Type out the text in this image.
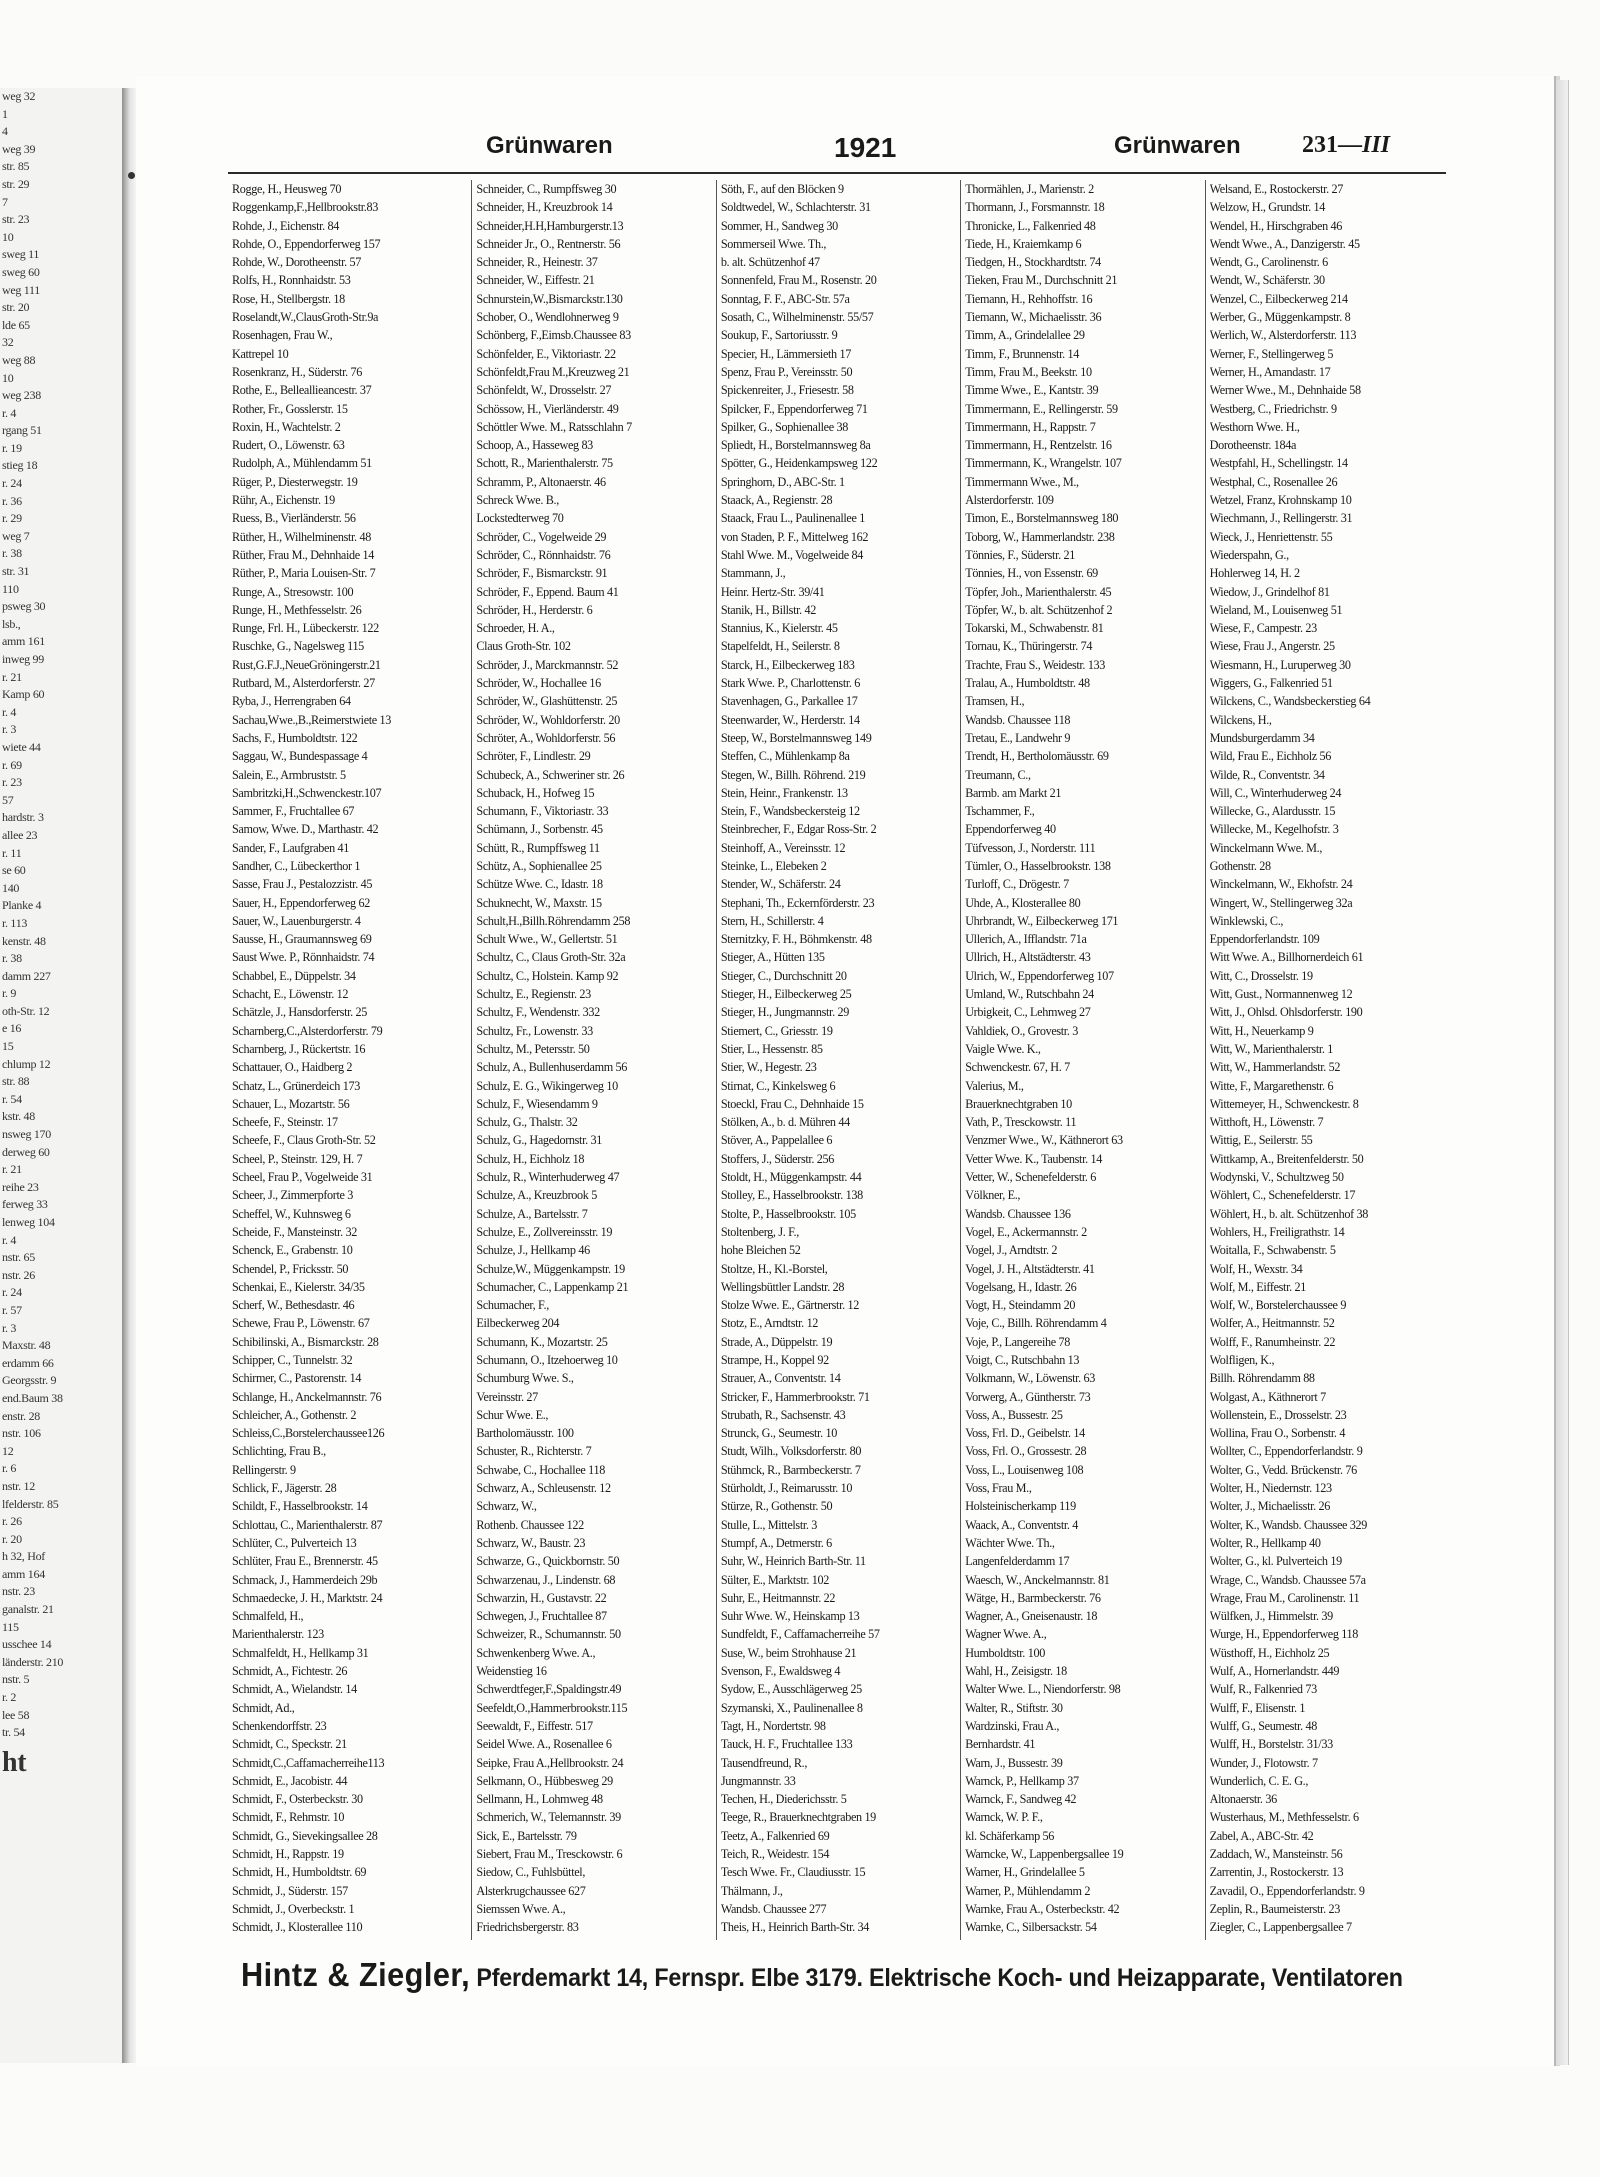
weg 32
1
4
weg 39
str. 85
str. 29
7
str. 23
10
sweg 11
sweg 60
weg 111
str. 20
lde 65
32
weg 88
10
weg 238
r. 4
rgang 51
r. 19
stieg 18
r. 24
r. 36
r. 29
weg 7
r. 38
str. 31
110
psweg 30
lsb.,
amm 161
inweg 99
r. 21
Kamp 60
r. 4
r. 3
wiete 44
r. 69
r. 23
57
hardstr. 3
allee 23
r. 11
se 60
140
Planke 4
r. 113
kenstr. 48
r. 38
damm 227
r. 9
oth-Str. 12
e 16
15
chlump 12
str. 88
r. 54
kstr. 48
nsweg 170
derweg 60
r. 21
reihe 23
ferweg 33
lenweg 104
r. 4
nstr. 65
nstr. 26
r. 24
r. 57
r. 3
Maxstr. 48
erdamm 66
Georgsstr. 9
end.Baum 38
enstr. 28
nstr. 106
12
r. 6
nstr. 12
lfelderstr. 85
r. 26
r. 20
h 32, Hof
amm 164
nstr. 23
ganalstr. 21
115
usschee 14
länderstr. 210
nstr. 5
r. 2
lee 58
tr. 54
ht
Grünwaren	1921	Grünwaren	231—III
Rogge, H., Heusweg 70
Roggenkamp,F.,Hellbrookstr.83
Rohde, J., Eichenstr. 84
Rohde, O., Eppendorferweg 157
Rohde, W., Dorotheenstr. 57
Rolfs, H., Ronnhaidstr. 53
Rose, H., Stellbergstr. 18
Roselandt,W.,ClausGroth-Str.9a
Rosenhagen, Frau W.,
Kattrepel 10
Rosenkranz, H., Süderstr. 76
Rothe, E., Belleallieancestr. 37
Rother, Fr., Gosslerstr. 15
Roxin, H., Wachtelstr. 2
Rudert, O., Löwenstr. 63
Rudolph, A., Mühlendamm 51
Rüger, P., Diesterwegstr. 19
Rühr, A., Eichenstr. 19
Ruess, B., Vierländerstr. 56
Rüther, H., Wilhelminenstr. 48
Rüther, Frau M., Dehnhaide 14
Rüther, P., Maria Louisen-Str. 7
Runge, A., Stresowstr. 100
Runge, H., Methfesselstr. 26
Runge, Frl. H., Lübeckerstr. 122
Ruschke, G., Nagelsweg 115
Rust,G.F.J.,NeueGröningerstr.21
Rutbard, M., Alsterdorferstr. 27
Ryba, J., Herrengraben 64
Sachau,Wwe.,B.,Reimerstwiete 13
Sachs, F., Humboldtstr. 122
Saggau, W., Bundespassage 4
Salein, E., Armbruststr. 5
Sambritzki,H.,Schwenckestr.107
Sammer, F., Fruchtallee 67
Samow, Wwe. D., Marthastr. 42
Sander, F., Laufgraben 41
Sandher, C., Lübeckerthor 1
Sasse, Frau J., Pestalozzistr. 45
Sauer, H., Eppendorferweg 62
Sauer, W., Lauenburgerstr. 4
Sausse, H., Graumannsweg 69
Saust Wwe. P., Rönnhaidstr. 74
Schabbel, E., Düppelstr. 34
Schacht, E., Löwenstr. 12
Schätzle, J., Hansdorferstr. 25
Scharnberg,C.,Alsterdorferstr. 79
Scharnberg, J., Rückertstr. 16
Schattauer, O., Haidberg 2
Schatz, L., Grünerdeich 173
Schauer, L., Mozartstr. 56
Scheefe, F., Steinstr. 17
Scheefe, F., Claus Groth-Str. 52
Scheel, P., Steinstr. 129, H. 7
Scheel, Frau P., Vogelweide 31
Scheer, J., Zimmerpforte 3
Scheffel, W., Kuhnsweg 6
Scheide, F., Mansteinstr. 32
Schenck, E., Grabenstr. 10
Schendel, P., Fricksstr. 50
Schenkai, E., Kielerstr. 34/35
Scherf, W., Bethesdastr. 46
Schewe, Frau P., Löwenstr. 67
Schibilinski, A., Bismarckstr. 28
Schipper, C., Tunnelstr. 32
Schirmer, C., Pastorenstr. 14
Schlange, H., Anckelmannstr. 76
Schleicher, A., Gothenstr. 2
Schleiss,C.,Borstelerchaussee126
Schlichting, Frau B.,
Rellingerstr. 9
Schlick, F., Jägerstr. 28
Schildt, F., Hasselbrookstr. 14
Schlottau, C., Marienthalerstr. 87
Schlüter, C., Pulverteich 13
Schlüter, Frau E., Brennerstr. 45
Schmack, J., Hammerdeich 29b
Schmaedecke, J. H., Marktstr. 24
Schmalfeld, H.,
Marienthalerstr. 123
Schmalfeldt, H., Hellkamp 31
Schmidt, A., Fichtestr. 26
Schmidt, A., Wielandstr. 14
Schmidt, Ad.,
Schenkendorffstr. 23
Schmidt, C., Speckstr. 21
Schmidt,C.,Caffamacherreihe113
Schmidt, E., Jacobistr. 44
Schmidt, F., Osterbeckstr. 30
Schmidt, F., Rehmstr. 10
Schmidt, G., Sievekingsallee 28
Schmidt, H., Rappstr. 19
Schmidt, H., Humboldtstr. 69
Schmidt, J., Süderstr. 157
Schmidt, J., Overbeckstr. 1
Schmidt, J., Klosterallee 110
Schneider, C., Rumpffsweg 30
Schneider, H., Kreuzbrook 14
Schneider,H.H,Hamburgerstr.13
Schneider Jr., O., Rentnerstr. 56
Schneider, R., Heinestr. 37
Schneider, W., Eiffestr. 21
Schnurstein,W.,Bismarckstr.130
Schober, O., Wendlohnerweg 9
Schönberg, F.,Eimsb.Chaussee 83
Schönfelder, E., Viktoriastr. 22
Schönfeldt,Frau M.,Kreuzweg 21
Schönfeldt, W., Drosselstr. 27
Schössow, H., Vierländerstr. 49
Schöttler Wwe. M., Ratsschlahn 7
Schoop, A., Hasseweg 83
Schott, R., Marienthalerstr. 75
Schramm, P., Altonaerstr. 46
Schreck Wwe. B.,
Lockstedterweg 70
Schröder, C., Vogelweide 29
Schröder, C., Rönnhaidstr. 76
Schröder, F., Bismarckstr. 91
Schröder, F., Eppend. Baum 41
Schröder, H., Herderstr. 6
Schroeder, H. A.,
Claus Groth-Str. 102
Schröder, J., Marckmannstr. 52
Schröder, W., Hochallee 16
Schröder, W., Glashüttenstr. 25
Schröder, W., Wohldorferstr. 20
Schröter, A., Wohldorferstr. 56
Schröter, F., Lindlestr. 29
Schubeck, A., Schweriner str. 26
Schuback, H., Hofweg 15
Schumann, F., Viktoriastr. 33
Schümann, J., Sorbenstr. 45
Schütt, R., Rumpffsweg 11
Schütz, A., Sophienallee 25
Schütze Wwe. C., Idastr. 18
Schuknecht, W., Maxstr. 15
Schult,H.,Billh.Röhrendamm 258
Schult Wwe., W., Gellertstr. 51
Schultz, C., Claus Groth-Str. 32a
Schultz, C., Holstein. Kamp 92
Schultz, E., Regienstr. 23
Schultz, F., Wendenstr. 332
Schultz, Fr., Lowenstr. 33
Schultz, M., Petersstr. 50
Schulz, A., Bullenhuserdamm 56
Schulz, E. G., Wikingerweg 10
Schulz, F., Wiesendamm 9
Schulz, G., Thalstr. 32
Schulz, G., Hagedornstr. 31
Schulz, H., Eichholz 18
Schulz, R., Winterhuderweg 47
Schulze, A., Kreuzbrook 5
Schulze, A., Bartelsstr. 7
Schulze, E., Zollvereinsstr. 19
Schulze, J., Hellkamp 46
Schulze,W., Müggenkampstr. 19
Schumacher, C., Lappenkamp 21
Schumacher, F.,
Eilbeckerweg 204
Schumann, K., Mozartstr. 25
Schumann, O., Itzehoerweg 10
Schumburg Wwe. S.,
Vereinsstr. 27
Schur Wwe. E.,
Bartholomäusstr. 100
Schuster, R., Richterstr. 7
Schwabe, C., Hochallee 118
Schwarz, A., Schleusenstr. 12
Schwarz, W.,
Rothenb. Chaussee 122
Schwarz, W., Baustr. 23
Schwarze, G., Quickbornstr. 50
Schwarzenau, J., Lindenstr. 68
Schwarzin, H., Gustavstr. 22
Schwegen, J., Fruchtallee 87
Schweizer, R., Schumannstr. 50
Schwenkenberg Wwe. A.,
Weidenstieg 16
Schwerdtfeger,F.,Spaldingstr.49
Seefeldt,O.,Hammerbrookstr.115
Seewaldt, F., Eiffestr. 517
Seidel Wwe. A., Rosenallee 6
Seipke, Frau A.,Hellbrookstr. 24
Selkmann, O., Hübbesweg 29
Sellmann, H., Lohmweg 48
Schmerich, W., Telemannstr. 39
Sick, E., Bartelsstr. 79
Siebert, Frau M., Tresckowstr. 6
Siedow, C., Fuhlsbüttel,
Alsterkrugchaussee 627
Siemssen Wwe. A.,
Friedrichsbergerstr. 83
Söth, F., auf den Blöcken 9
Soldtwedel, W., Schlachterstr. 31
Sommer, H., Sandweg 30
Sommerseil Wwe. Th.,
b. alt. Schützenhof 47
Sonnenfeld, Frau M., Rosenstr. 20
Sonntag, F. F., ABC-Str. 57a
Sosath, C., Wilhelminenstr. 55/57
Soukup, F., Sartoriusstr. 9
Specier, H., Lämmersieth 17
Spenz, Frau P., Vereinsstr. 50
Spickenreiter, J., Friesestr. 58
Spilcker, F., Eppendorferweg 71
Spilker, G., Sophienallee 38
Spliedt, H., Borstelmannsweg 8a
Spötter, G., Heidenkampsweg 122
Springhorn, D., ABC-Str. 1
Staack, A., Regienstr. 28
Staack, Frau L., Paulinenallee 1
von Staden, P. F., Mittelweg 162
Stahl Wwe. M., Vogelweide 84
Stammann, J.,
Heinr. Hertz-Str. 39/41
Stanik, H., Billstr. 42
Stannius, K., Kielerstr. 45
Stapelfeldt, H., Seilerstr. 8
Starck, H., Eilbeckerweg 183
Stark Wwe. P., Charlottenstr. 6
Stavenhagen, G., Parkallee 17
Steenwarder, W., Herderstr. 14
Steep, W., Borstelmannsweg 149
Steffen, C., Mühlenkamp 8a
Stegen, W., Billh. Röhrend. 219
Stein, Heinr., Frankenstr. 13
Stein, F., Wandsbeckersteig 12
Steinbrecher, F., Edgar Ross-Str. 2
Steinhoff, A., Vereinsstr. 12
Steinke, L., Elebeken 2
Stender, W., Schäferstr. 24
Stephani, Th., Eckernförderstr. 23
Stern, H., Schillerstr. 4
Sternitzky, F. H., Böhmkenstr. 48
Stieger, A., Hütten 135
Stieger, C., Durchschnitt 20
Stieger, H., Eilbeckerweg 25
Stieger, H., Jungmannstr. 29
Stiemert, C., Griesstr. 19
Stier, L., Hessenstr. 85
Stier, W., Hegestr. 23
Stirnat, C., Kinkelsweg 6
Stoeckl, Frau C., Dehnhaide 15
Stölken, A., b. d. Mühren 44
Stöver, A., Pappelallee 6
Stoffers, J., Süderstr. 256
Stoldt, H., Müggenkampstr. 44
Stolley, E., Hasselbrookstr. 138
Stolte, P., Hasselbrookstr. 105
Stoltenberg, J. F.,
hohe Bleichen 52
Stoltze, H., Kl.-Borstel,
Wellingsbüttler Landstr. 28
Stolze Wwe. E., Gärtnerstr. 12
Stotz, E., Arndtstr. 12
Strade, A., Düppelstr. 19
Strampe, H., Koppel 92
Strauer, A., Conventstr. 14
Stricker, F., Hammerbrookstr. 71
Strubath, R., Sachsenstr. 43
Strunck, G., Seumestr. 10
Studt, Wilh., Volksdorferstr. 80
Stühmck, R., Barmbeckerstr. 7
Stürholdt, J., Reimarusstr. 10
Stürze, R., Gothenstr. 50
Stulle, L., Mittelstr. 3
Stumpf, A., Detmerstr. 6
Suhr, W., Heinrich Barth-Str. 11
Sülter, E., Marktstr. 102
Suhr, E., Heitmannstr. 22
Suhr Wwe. W., Heinskamp 13
Sundfeldt, F., Caffamacherreihe 57
Suse, W., beim Strohhause 21
Svenson, F., Ewaldsweg 4
Sydow, E., Ausschlägerweg 25
Szymanski, X., Paulinenallee 8
Tagt, H., Nordertstr. 98
Tauck, H. F., Fruchtallee 133
Tausendfreund, R.,
Jungmannstr. 33
Techen, H., Diederichsstr. 5
Teege, R., Brauerknechtgraben 19
Teetz, A., Falkenried 69
Teich, R., Weidestr. 154
Tesch Wwe. Fr., Claudiusstr. 15
Thälmann, J.,
Wandsb. Chaussee 277
Theis, H., Heinrich Barth-Str. 34
Thormählen, J., Marienstr. 2
Thormann, J., Forsmannstr. 18
Thronicke, L., Falkenried 48
Tiede, H., Kraiemkamp 6
Tiedgen, H., Stockhardtstr. 74
Tieken, Frau M., Durchschnitt 21
Tiemann, H., Rehhoffstr. 16
Tiemann, W., Michaelisstr. 36
Timm, A., Grindelallee 29
Timm, F., Brunnenstr. 14
Timm, Frau M., Beekstr. 10
Timme Wwe., E., Kantstr. 39
Timmermann, E., Rellingerstr. 59
Timmermann, H., Rappstr. 7
Timmermann, H., Rentzelstr. 16
Timmermann, K., Wrangelstr. 107
Timmermann Wwe., M.,
Alsterdorferstr. 109
Timon, E., Borstelmannsweg 180
Toborg, W., Hammerlandstr. 238
Tönnies, F., Süderstr. 21
Tönnies, H., von Essenstr. 69
Töpfer, Joh., Marienthalerstr. 45
Töpfer, W., b. alt. Schützenhof 2
Tokarski, M., Schwabenstr. 81
Tornau, K., Thüringerstr. 74
Trachte, Frau S., Weidestr. 133
Tralau, A., Humboldtstr. 48
Tramsen, H.,
Wandsb. Chaussee 118
Tretau, E., Landwehr 9
Trendt, H., Bertholomäusstr. 69
Treumann, C.,
Barmb. am Markt 21
Tschammer, F.,
Eppendorferweg 40
Tüfvesson, J., Norderstr. 111
Tümler, O., Hasselbrookstr. 138
Turloff, C., Drögestr. 7
Uhde, A., Klosterallee 80
Uhrbrandt, W., Eilbeckerweg 171
Ullerich, A., Ifflandstr. 71a
Ullrich, H., Altstädterstr. 43
Ulrich, W., Eppendorferweg 107
Umland, W., Rutschbahn 24
Urbigkeit, C., Lehmweg 27
Vahldiek, O., Grovestr. 3
Vaigle Wwe. K.,
Schwenckestr. 67, H. 7
Valerius, M.,
Brauerknechtgraben 10
Vath, P., Tresckowstr. 11
Venzmer Wwe., W., Käthnerort 63
Vetter Wwe. K., Taubenstr. 14
Vetter, W., Schenefelderstr. 6
Völkner, E.,
Wandsb. Chaussee 136
Vogel, E., Ackermannstr. 2
Vogel, J., Arndtstr. 2
Vogel, J. H., Altstädterstr. 41
Vogelsang, H., Idastr. 26
Vogt, H., Steindamm 20
Voje, C., Billh. Röhrendamm 4
Voje, P., Langereihe 78
Voigt, C., Rutschbahn 13
Volkmann, W., Löwenstr. 63
Vorwerg, A., Güntherstr. 73
Voss, A., Bussestr. 25
Voss, Frl. D., Geibelstr. 14
Voss, Frl. O., Grossestr. 28
Voss, L., Louisenweg 108
Voss, Frau M.,
Holsteinischerkamp 119
Waack, A., Conventstr. 4
Wächter Wwe. Th.,
Langenfelderdamm 17
Waesch, W., Anckelmannstr. 81
Wätge, H., Barmbeckerstr. 76
Wagner, A., Gneisenaustr. 18
Wagner Wwe. A.,
Humboldtstr. 100
Wahl, H., Zeisigstr. 18
Walter Wwe. L., Niendorferstr. 98
Walter, R., Stiftstr. 30
Wardzinski, Frau A.,
Bernhardstr. 41
Warn, J., Bussestr. 39
Warnck, P., Hellkamp 37
Warnck, F., Sandweg 42
Warnck, W. P. F.,
kl. Schäferkamp 56
Warncke, W., Lappenbergsallee 19
Warner, H., Grindelallee 5
Warner, P., Mühlendamm 2
Warnke, Frau A., Osterbeckstr. 42
Warnke, C., Silbersackstr. 54
Welsand, E., Rostockerstr. 27
Welzow, H., Grundstr. 14
Wendel, H., Hirschgraben 46
Wendt Wwe., A., Danzigerstr. 45
Wendt, G., Carolinenstr. 6
Wendt, W., Schäferstr. 30
Wenzel, C., Eilbeckerweg 214
Werber, G., Müggenkampstr. 8
Werlich, W., Alsterdorferstr. 113
Werner, F., Stellingerweg 5
Werner, H., Amandastr. 17
Werner Wwe., M., Dehnhaide 58
Westberg, C., Friedrichstr. 9
Westhorn Wwe. H.,
Dorotheenstr. 184a
Westpfahl, H., Schellingstr. 14
Westphal, C., Rosenallee 26
Wetzel, Franz, Krohnskamp 10
Wiechmann, J., Rellingerstr. 31
Wieck, J., Henriettenstr. 55
Wiederspahn, G.,
Hohlerweg 14, H. 2
Wiedow, J., Grindelhof 81
Wieland, M., Louisenweg 51
Wiese, F., Campestr. 23
Wiese, Frau J., Angerstr. 25
Wiesmann, H., Luruperweg 30
Wiggers, G., Falkenried 51
Wilckens, C., Wandsbeckerstieg 64
Wilckens, H.,
Mundsburgerdamm 34
Wild, Frau E., Eichholz 56
Wilde, R., Conventstr. 34
Will, C., Winterhuderweg 24
Willecke, G., Alardusstr. 15
Willecke, M., Kegelhofstr. 3
Winckelmann Wwe. M.,
Gothenstr. 28
Winckelmann, W., Ekhofstr. 24
Wingert, W., Stellingerweg 32a
Winklewski, C.,
Eppendorferlandstr. 109
Witt Wwe. A., Billhornerdeich 61
Witt, C., Drosselstr. 19
Witt, Gust., Normannenweg 12
Witt, J., Ohlsd. Ohlsdorferstr. 190
Witt, H., Neuerkamp 9
Witt, W., Marienthalerstr. 1
Witt, W., Hammerlandstr. 52
Witte, F., Margarethenstr. 6
Wittemeyer, H., Schwenckestr. 8
Witthoft, H., Löwenstr. 7
Wittig, E., Seilerstr. 55
Wittkamp, A., Breitenfelderstr. 50
Wodynski, V., Schultzweg 50
Wöhlert, C., Schenefelderstr. 17
Wöhlert, H., b. alt. Schützenhof 38
Wohlers, H., Freiligrathstr. 14
Woitalla, F., Schwabenstr. 5
Wolf, H., Wexstr. 34
Wolf, M., Eiffestr. 21
Wolf, W., Borstelerchaussee 9
Wolfer, A., Heitmannstr. 52
Wolff, F., Ranumheinstr. 22
Wolfligen, K.,
Billh. Röhrendamm 88
Wolgast, A., Käthnerort 7
Wollenstein, E., Drosselstr. 23
Wollina, Frau O., Sorbenstr. 4
Wollter, C., Eppendorferlandstr. 9
Wolter, G., Vedd. Brückenstr. 76
Wolter, H., Niedernstr. 123
Wolter, J., Michaelisstr. 26
Wolter, K., Wandsb. Chaussee 329
Wolter, R., Hellkamp 40
Wolter, G., kl. Pulverteich 19
Wrage, C., Wandsb. Chaussee 57a
Wrage, Frau M., Carolinenstr. 11
Wülfken, J., Himmelstr. 39
Wurge, H., Eppendorferweg 118
Wüsthoff, H., Eichholz 25
Wulf, A., Hornerlandstr. 449
Wulf, R., Falkenried 73
Wulff, F., Elisenstr. 1
Wulff, G., Seumestr. 48
Wulff, H., Borstelstr. 31/33
Wunder, J., Flotowstr. 7
Wunderlich, C. E. G.,
Altonaerstr. 36
Wusterhaus, M., Methfesselstr. 6
Zabel, A., ABC-Str. 42
Zaddach, W., Mansteinstr. 56
Zarrentin, J., Rostockerstr. 13
Zavadil, O., Eppendorferlandstr. 9
Zeplin, R., Baumeisterstr. 23
Ziegler, C., Lappenbergsallee 7
Hintz & Ziegler, Pferdemarkt 14, Fernspr. Elbe 3179. Elektrische Koch- und Heizapparate, Ventilatoren
